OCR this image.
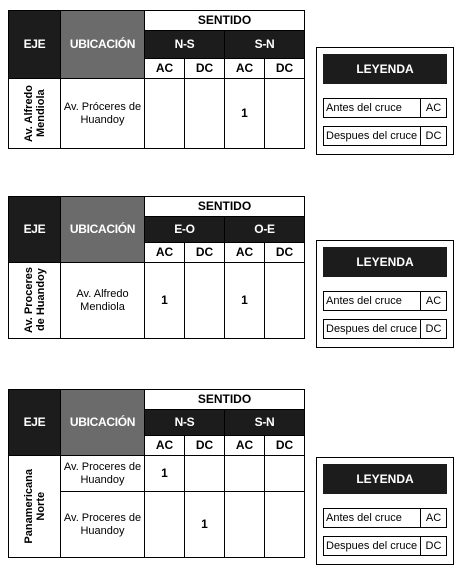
EJE	UBICACIÓN	SENTIDO			
		N-S		S-N	
		AC	DC	AC	DC

Av. Alfredo
Mendiola	Av. Próceres de Huandoy			1	
EJE	UBICACIÓN	SENTIDO			
		E-O		O-E	
		AC	DC	AC	DC

Av. Proceres
de Huandoy	Av. Alfredo Mendiola	1		1	
EJE	UBICACIÓN	SENTIDO			
		N-S		S-N	
		AC	DC	AC	DC

Panamericana
Norte	Av. Proceres de Huandoy	1			
	Av. Proceres de Huandoy		1		
LEYENDA
Antes del cruce	AC
Despues del cruce DC
LEYENDA
Antes del cruce	AC
Despues del cruce DC
LEYENDA
Antes del cruce	AC
Despues del cruce DC
